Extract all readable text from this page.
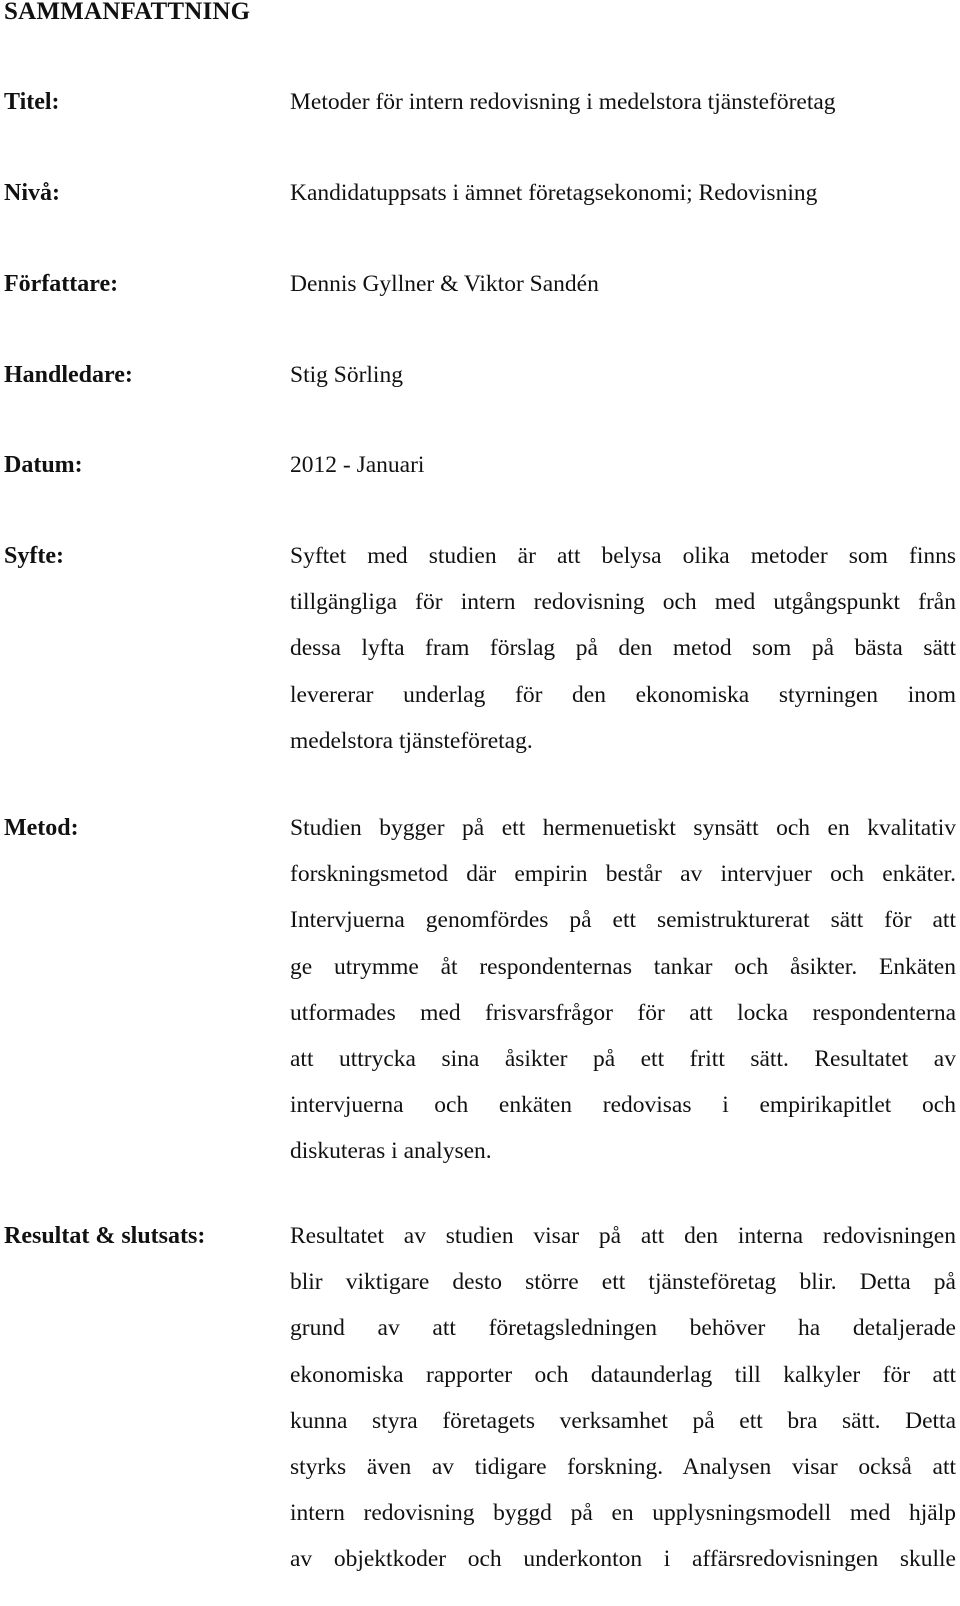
SAMMANFATTNING
Titel:	Metoder för intern redovisning i medelstora tjänsteföretag
Nivå:	Kandidatuppsats i ämnet företagsekonomi; Redovisning
Författare:	Dennis Gyllner & Viktor Sandén
Handledare:	Stig Sörling
Datum:	2012 - Januari
Syfte:	Syftet med studien är att belysa olika metoder som finns
tillgängliga för intern redovisning och med utgångspunkt från
dessa lyfta fram förslag på den metod som på bästa sätt
levererar underlag för den ekonomiska styrningen inom
medelstora tjänsteföretag.
Metod:	Studien bygger på ett hermenuetiskt synsätt och en kvalitativ
forskningsmetod där empirin består av intervjuer och enkäter.
Intervjuerna genomfördes på ett semistrukturerat sätt för att
ge utrymme åt respondenternas tankar och åsikter. Enkäten
utformades med frisvarsfrågor för att locka respondenterna
att uttrycka sina åsikter på ett fritt sätt. Resultatet av
intervjuerna och enkäten redovisas i empirikapitlet och
diskuteras i analysen.
Resultat & slutsats:	Resultatet av studien visar på att den interna redovisningen
blir viktigare desto större ett tjänsteföretag blir. Detta på
grund av att företagsledningen behöver ha detaljerade
ekonomiska rapporter och dataunderlag till kalkyler för att
kunna styra företagets verksamhet på ett bra sätt. Detta
styrks även av tidigare forskning. Analysen visar också att
intern redovisning byggd på en upplysningsmodell med hjälp
av objektkoder och underkonton i affärsredovisningen skulle
